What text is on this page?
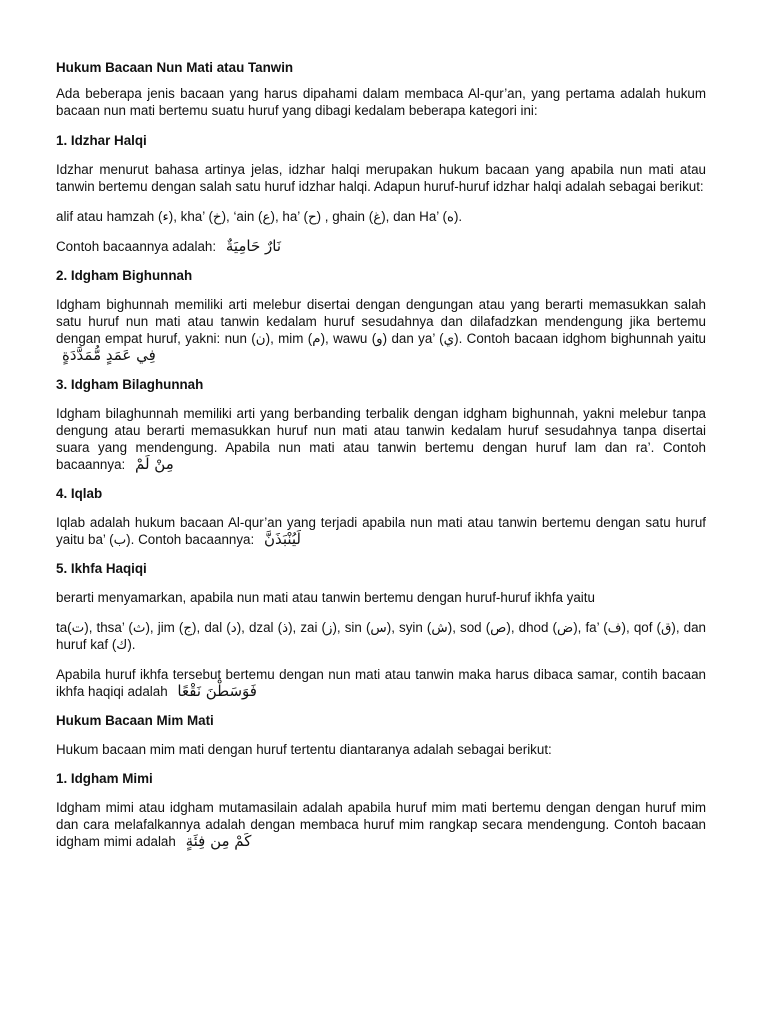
Hukum Bacaan Nun Mati atau Tanwin

Ada beberapa jenis bacaan yang harus dipahami dalam membaca Al-qur’an, yang pertama adalah hukum bacaan nun mati bertemu suatu huruf yang dibagi kedalam beberapa kategori ini:

1. Idzhar Halqi

Idzhar menurut bahasa artinya jelas, idzhar halqi merupakan hukum bacaan yang apabila nun mati atau tanwin bertemu dengan salah satu huruf idzhar halqi. Adapun huruf-huruf idzhar halqi adalah sebagai berikut:

alif atau hamzah (ء), kha’ (خ), ‘ain (ع), ha’ (ح) , ghain (غ), dan Ha’ (ه).

Contoh bacaannya adalah: نَارٌ حَامِيَةٌ

2. Idgham Bighunnah

Idgham bighunnah memiliki arti melebur disertai dengan dengungan atau yang berarti memasukkan salah satu huruf nun mati atau tanwin kedalam huruf sesudahnya dan dilafadzkan mendengung jika bertemu dengan empat huruf, yakni: nun (ن), mim (م), wawu (و) dan ya’ (ي). Contoh bacaan idghom bighunnah yaitu فِي عَمَدٍ مُّمَدَّدَةٍ

3. Idgham Bilaghunnah

Idgham bilaghunnah memiliki arti yang berbanding terbalik dengan idgham bighunnah, yakni melebur tanpa dengung atau berarti memasukkan huruf nun mati atau tanwin kedalam huruf sesudahnya tanpa disertai suara yang mendengung. Apabila nun mati atau tanwin bertemu dengan huruf lam dan ra’. Contoh bacaannya: مِنْ لَمْ

4. Iqlab

Iqlab adalah hukum bacaan Al-qur’an yang terjadi apabila nun mati atau tanwin bertemu dengan satu huruf yaitu ba’ (ب). Contoh bacaannya: لَيُنْبَذَنَّ

5. Ikhfa Haqiqi

berarti menyamarkan, apabila nun mati atau tanwin bertemu dengan huruf-huruf ikhfa yaitu

ta(ت), thsa’ (ث), jim (ج), dal (د), dzal (ذ), zai (ز), sin (س), syin (ش), sod (ص), dhod (ض), fa’ (ف), qof (ق), dan huruf kaf (ك).

Apabila huruf ikhfa tersebut bertemu dengan nun mati atau tanwin maka harus dibaca samar, contih bacaan ikhfa haqiqi adalah فَوَسَطْنَ نَقْعًا

Hukum Bacaan Mim Mati

Hukum bacaan mim mati dengan huruf tertentu diantaranya adalah sebagai berikut:

1. Idgham Mimi

Idgham mimi atau idgham mutamasilain adalah apabila huruf mim mati bertemu dengan dengan huruf mim dan cara melafalkannya adalah dengan membaca huruf mim rangkap secara mendengung. Contoh bacaan idgham mimi adalah كَمْ مِن فِئَةٍ
